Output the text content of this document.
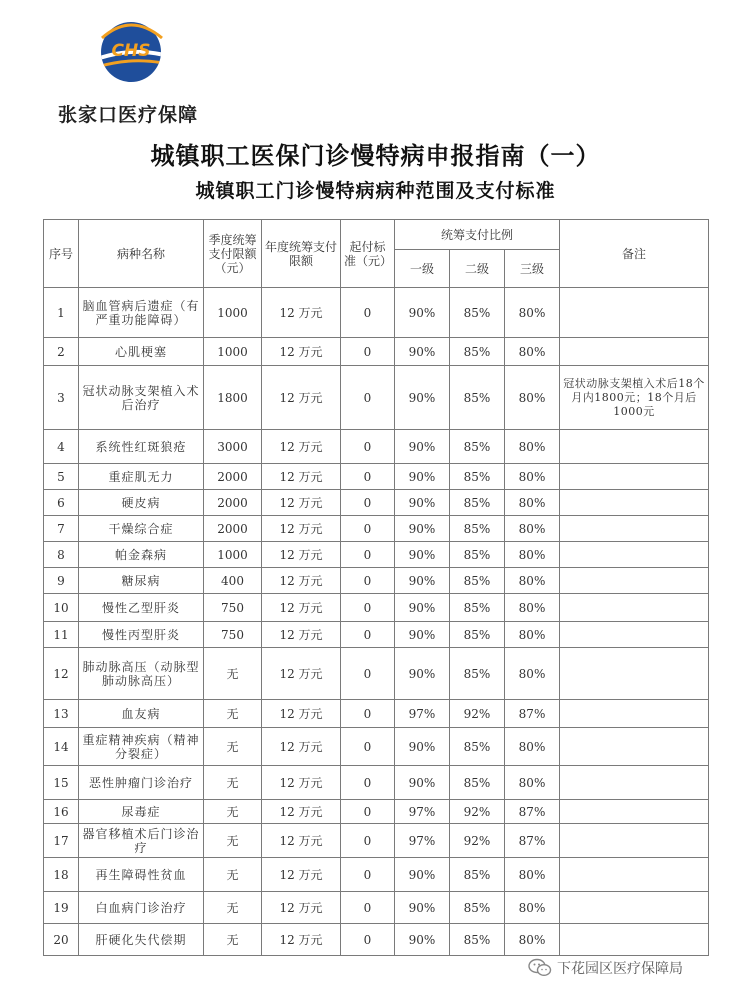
CHS
张家口医疗保障
城镇职工医保门诊慢特病申报指南（一）
城镇职工门诊慢特病病种范围及支付标准
序号	病种名称	季度统筹支付限额（元）	年度统筹支付限额	起付标准（元）	统筹支付比例			备注
					一级	二级	三级	
1	脑血管病后遗症（有严重功能障碍）	1000	12 万元	0	90%	85%	80%	
2	心肌梗塞	1000	12 万元	0	90%	85%	80%	
3	冠状动脉支架植入术后治疗	1800	12 万元	0	90%	85%	80%	冠状动脉支架植入术后18个月内1800元；18个月后1000元
4	系统性红斑狼疮	3000	12 万元	0	90%	85%	80%	
5	重症肌无力	2000	12 万元	0	90%	85%	80%	
6	硬皮病	2000	12 万元	0	90%	85%	80%	
7	干燥综合症	2000	12 万元	0	90%	85%	80%	
8	帕金森病	1000	12 万元	0	90%	85%	80%	
9	糖尿病	400	12 万元	0	90%	85%	80%	
10	慢性乙型肝炎	750	12 万元	0	90%	85%	80%	
11	慢性丙型肝炎	750	12 万元	0	90%	85%	80%	
12	肺动脉高压（动脉型肺动脉高压）	无	12 万元	0	90%	85%	80%	
13	血友病	无	12 万元	0	97%	92%	87%	
14	重症精神疾病（精神分裂症）	无	12 万元	0	90%	85%	80%	
15	恶性肿瘤门诊治疗	无	12 万元	0	90%	85%	80%	
16	尿毒症	无	12 万元	0	97%	92%	87%	
17	器官移植术后门诊治疗	无	12 万元	0	97%	92%	87%	
18	再生障碍性贫血	无	12 万元	0	90%	85%	80%	
19	白血病门诊治疗	无	12 万元	0	90%	85%	80%	
20	肝硬化失代偿期	无	12 万元	0	90%	85%	80%	
下花园区医疗保障局
